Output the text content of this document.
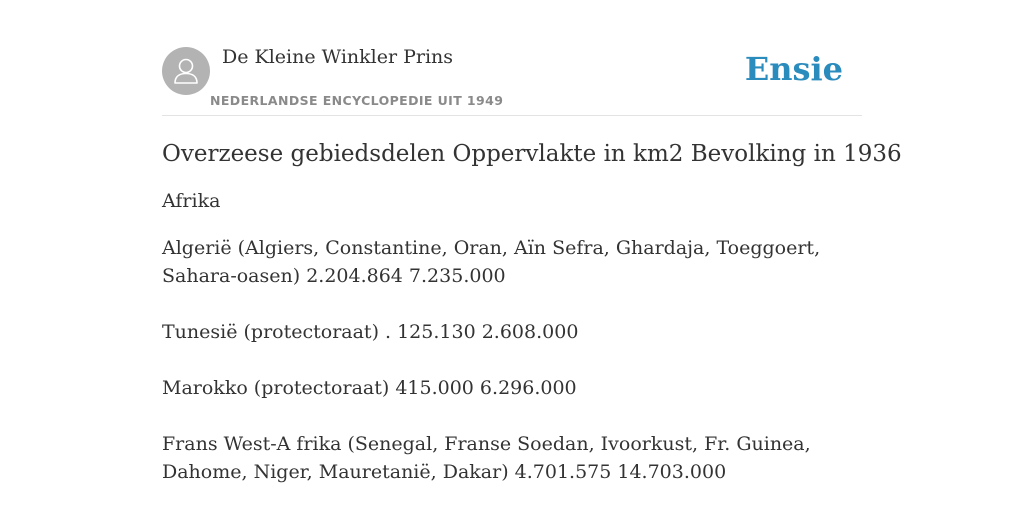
De Kleine Winkler Prins
NEDERLANDSE ENCYCLOPEDIE UIT 1949
Ensie
Overzeese gebiedsdelen Oppervlakte in km2 Bevolking in 1936

Afrika

Algerië (Algiers, Constantine, Oran, Aïn Sefra, Ghardaja, Toeggoert, Sahara-oasen) 2.204.864 7.235.000

Tunesië (protectoraat) . 125.130 2.608.000

Marokko (protectoraat) 415.000 6.296.000

Frans West-A frika (Senegal, Franse Soedan, Ivoorkust, Fr. Guinea, Dahome, Niger, Mauretanië, Dakar) 4.701.575 14.703.000
